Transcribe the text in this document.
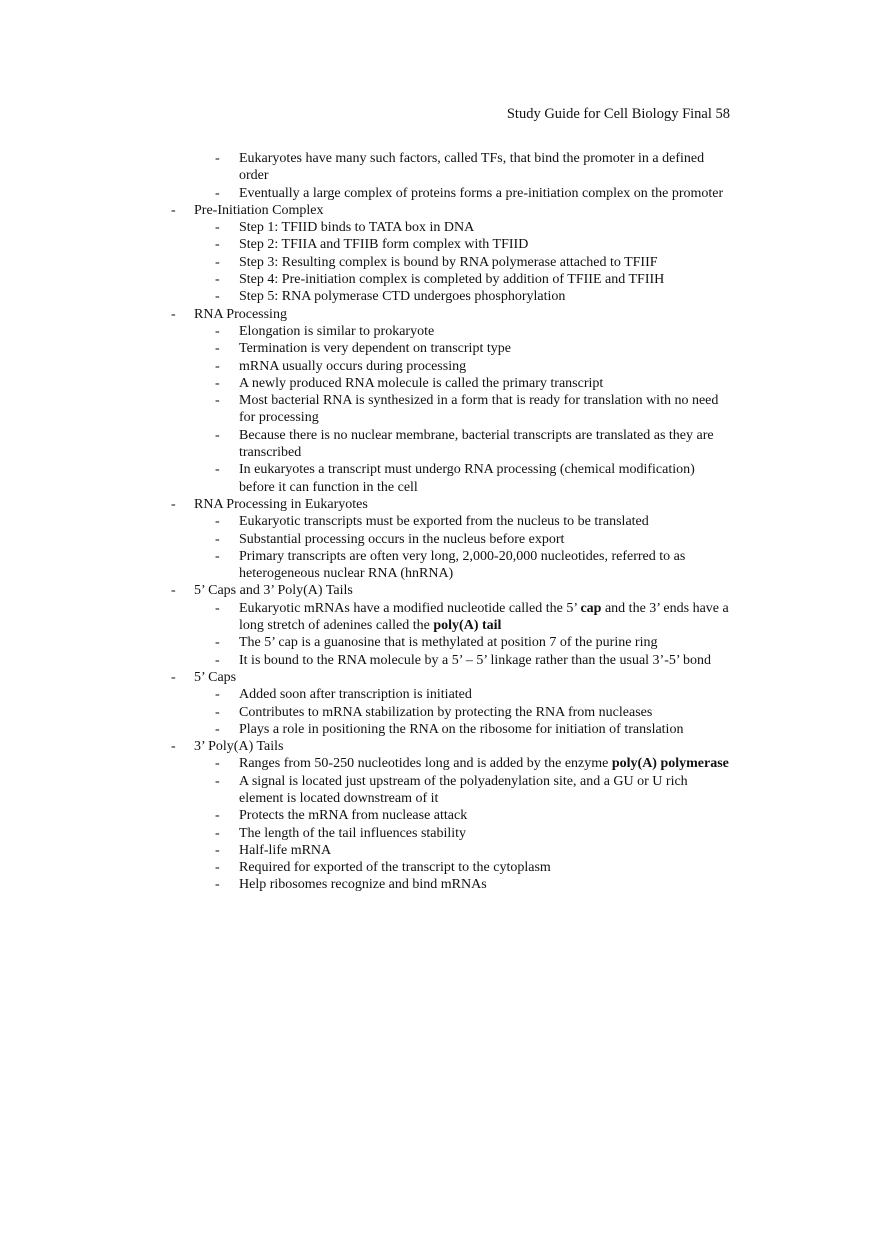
Study Guide for Cell Biology Final 58
- Eukaryotes have many such factors, called TFs, that bind the promoter in a defined order
- Eventually a large complex of proteins forms a pre-initiation complex on the promoter
- Pre-Initiation Complex
- Step 1: TFIID binds to TATA box in DNA
- Step 2: TFIIA and TFIIB form complex with TFIID
- Step 3: Resulting complex is bound by RNA polymerase attached to TFIIF
- Step 4: Pre-initiation complex is completed by addition of TFIIE and TFIIH
- Step 5: RNA polymerase CTD undergoes phosphorylation
- RNA Processing
- Elongation is similar to prokaryote
- Termination is very dependent on transcript type
- mRNA usually occurs during processing
- A newly produced RNA molecule is called the primary transcript
- Most bacterial RNA is synthesized in a form that is ready for translation with no need for processing
- Because there is no nuclear membrane, bacterial transcripts are translated as they are transcribed
- In eukaryotes a transcript must undergo RNA processing (chemical modification) before it can function in the cell
- RNA Processing in Eukaryotes
- Eukaryotic transcripts must be exported from the nucleus to be translated
- Substantial processing occurs in the nucleus before export
- Primary transcripts are often very long, 2,000-20,000 nucleotides, referred to as heterogeneous nuclear RNA (hnRNA)
- 5’ Caps and 3’ Poly(A) Tails
- Eukaryotic mRNAs have a modified nucleotide called the 5’ cap and the 3’ ends have a long stretch of adenines called the poly(A) tail
- The 5’ cap is a guanosine that is methylated at position 7 of the purine ring
- It is bound to the RNA molecule by a 5’ – 5’ linkage rather than the usual 3’-5’ bond
- 5’ Caps
- Added soon after transcription is initiated
- Contributes to mRNA stabilization by protecting the RNA from nucleases
- Plays a role in positioning the RNA on the ribosome for initiation of translation
- 3’ Poly(A) Tails
- Ranges from 50-250 nucleotides long and is added by the enzyme poly(A) polymerase
- A signal is located just upstream of the polyadenylation site, and a GU or U rich element is located downstream of it
- Protects the mRNA from nuclease attack
- The length of the tail influences stability
- Half-life mRNA
- Required for exported of the transcript to the cytoplasm
- Help ribosomes recognize and bind mRNAs
